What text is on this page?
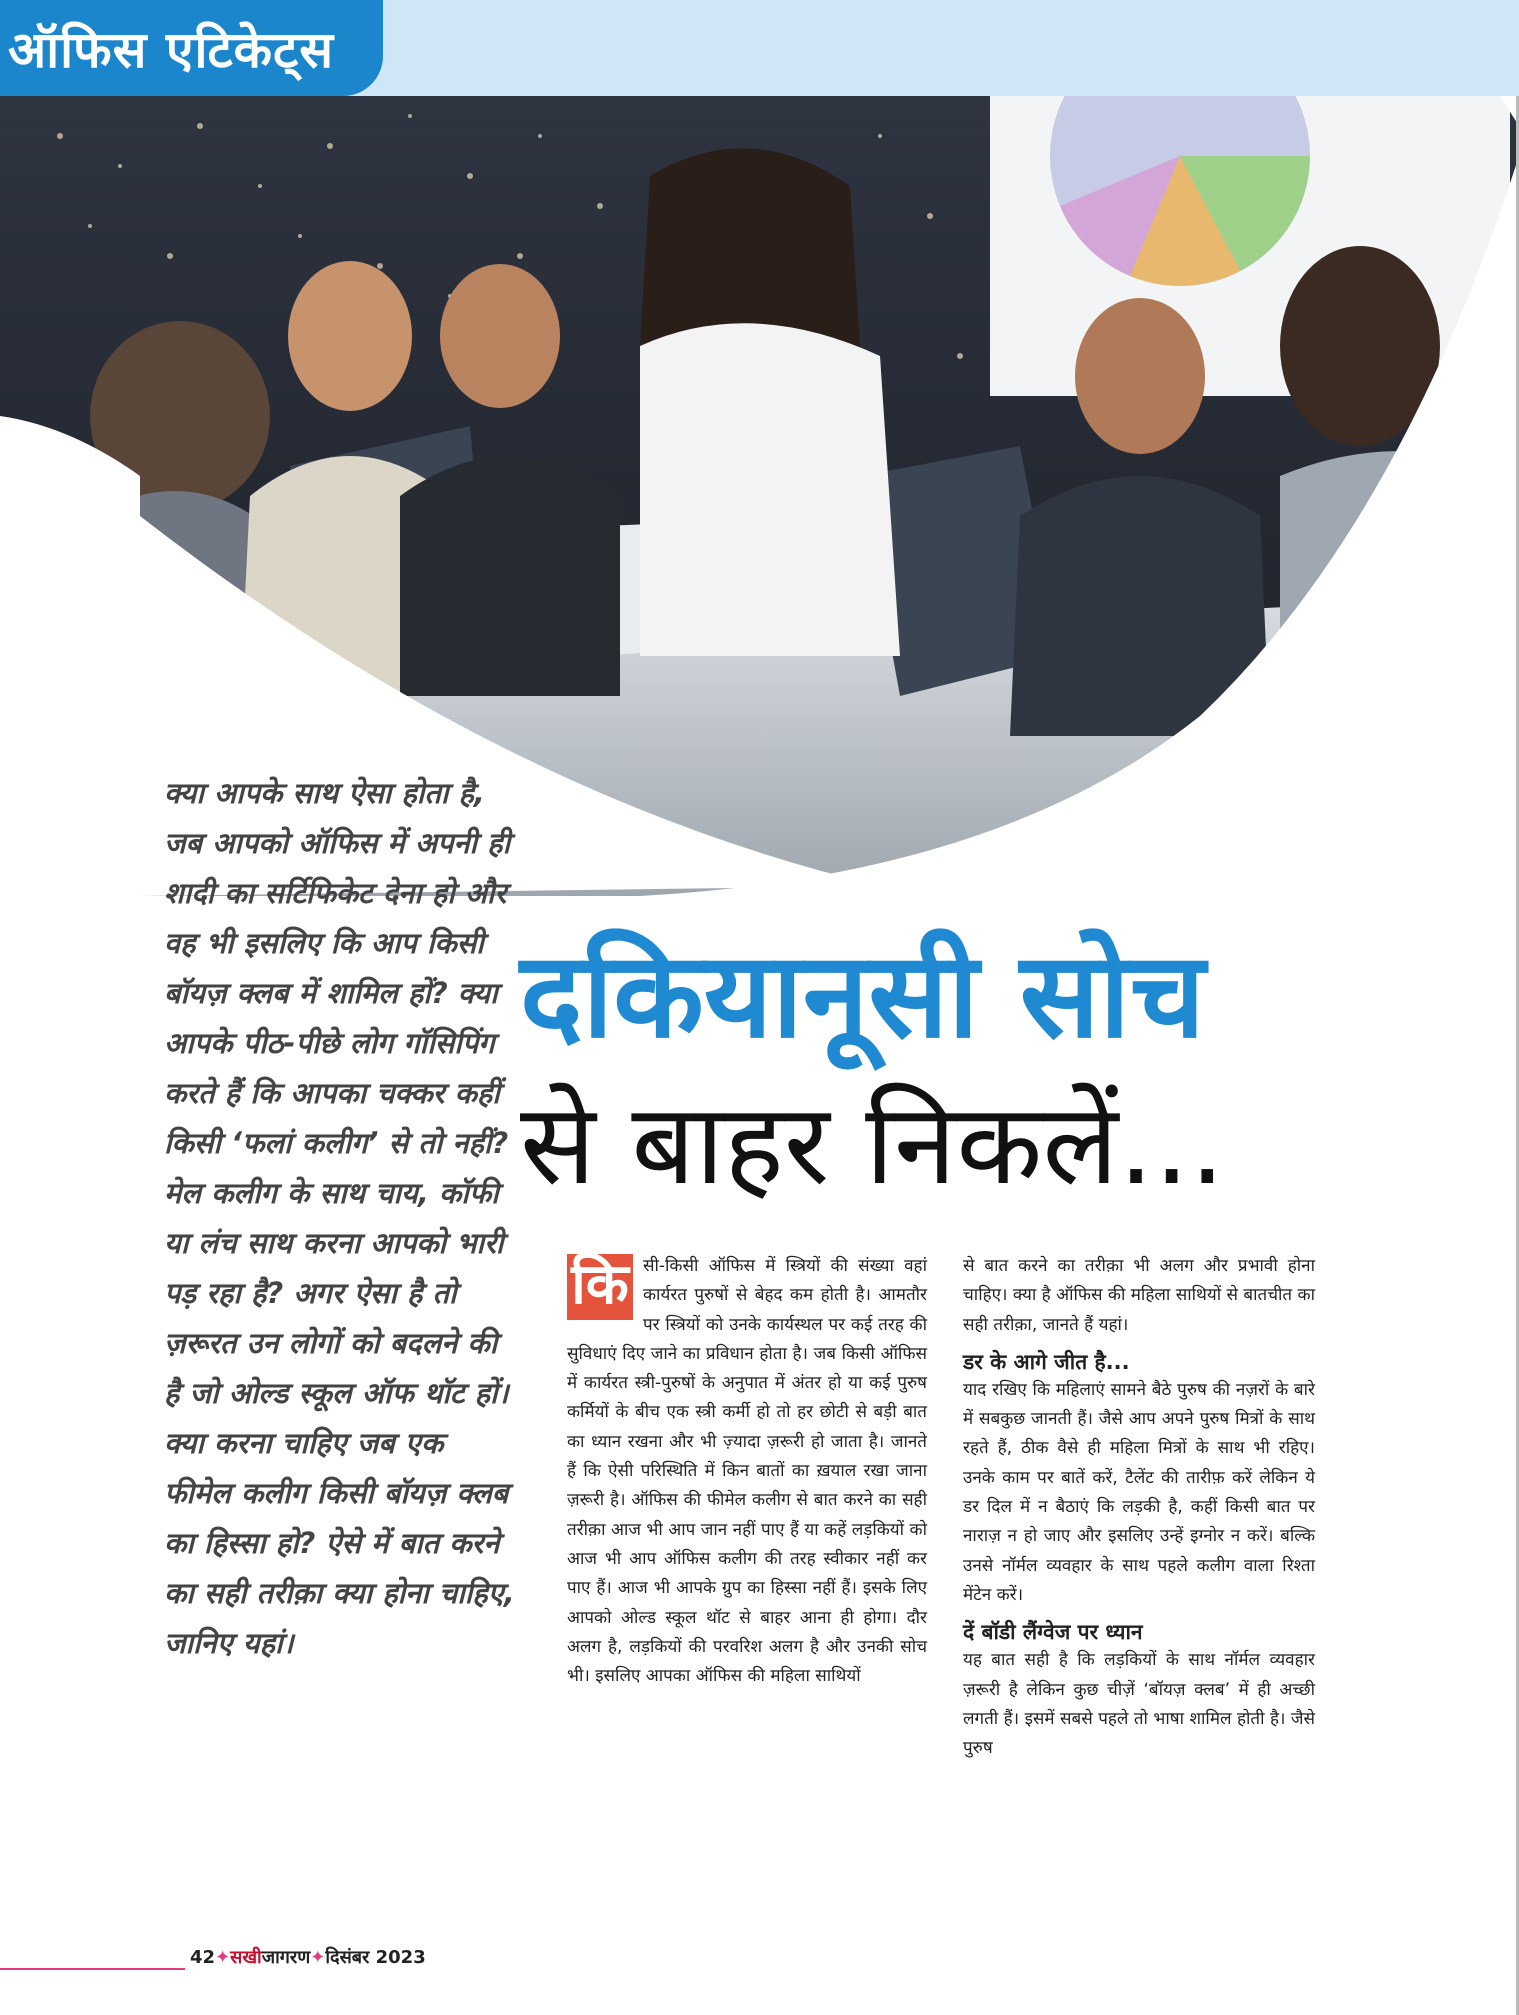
ऑफिस एटिकेट्स
क्या आपके साथ ऐसा होता है, जब आपको ऑफिस में अपनी ही शादी का सर्टिफिकेट देना हो और वह भी इसलिए कि आप किसी बॉयज़ क्लब में शामिल हों? क्या आपके पीठ-पीछे लोग गॉसिपिंग करते हैं कि आपका चक्कर कहीं किसी ‘फलां कलीग’ से तो नहीं? मेल कलीग के साथ चाय, कॉफी या लंच साथ करना आपको भारी पड़ रहा है? अगर ऐसा है तो ज़रूरत उन लोगों को बदलने की है जो ओल्ड स्कूल ऑफ थॉट हों। क्या करना चाहिए जब एक फीमेल कलीग किसी बॉयज़ क्लब का हिस्सा हो? ऐसे में बात करने का सही तरीक़ा क्या होना चाहिए, जानिए यहां।
दकियानूसी सोच
से बाहर निकलें...
कि सी-किसी ऑफिस में स्त्रियों की संख्या वहां कार्यरत पुरुषों से बेहद कम होती है। आमतौर पर स्त्रियों को उनके कार्यस्थल पर कई तरह की सुविधाएं दिए जाने का प्रविधान होता है। जब किसी ऑफिस में कार्यरत स्त्री-पुरुषों के अनुपात में अंतर हो या कई पुरुष कर्मियों के बीच एक स्त्री कर्मी हो तो हर छोटी से बड़ी बात का ध्यान रखना और भी ज़्यादा ज़रूरी हो जाता है। जानते हैं कि ऐसी परिस्थिति में किन बातों का ख़याल रखा जाना ज़रूरी है। ऑफिस की फीमेल कलीग से बात करने का सही तरीक़ा आज भी आप जान नहीं पाए हैं या कहें लड़कियों को आज भी आप ऑफिस कलीग की तरह स्वीकार नहीं कर पाए हैं। आज भी आपके ग्रुप का हिस्सा नहीं हैं। इसके लिए आपको ओल्ड स्कूल थॉट से बाहर आना ही होगा। दौर अलग है, लड़कियों की परवरिश अलग है और उनकी सोच भी। इसलिए आपका ऑफिस की महिला साथियों

से बात करने का तरीक़ा भी अलग और प्रभावी होना चाहिए। क्या है ऑफिस की महिला साथियों से बातचीत का सही तरीक़ा, जानते हैं यहां।

डर के आगे जीत है...

याद रखिए कि महिलाएं सामने बैठे पुरुष की नज़रों के बारे में सबकुछ जानती हैं। जैसे आप अपने पुरुष मित्रों के साथ रहते हैं, ठीक वैसे ही महिला मित्रों के साथ भी रहिए। उनके काम पर बातें करें, टैलेंट की तारीफ़ करें लेकिन ये डर दिल में न बैठाएं कि लड़की है, कहीं किसी बात पर नाराज़ न हो जाए और इसलिए उन्हें इग्नोर न करें। बल्कि उनसे नॉर्मल व्यवहार के साथ पहले कलीग वाला रिश्ता मेंटेन करें।

दें बॉडी लैंग्वेज पर ध्यान

यह बात सही है कि लड़कियों के साथ नॉर्मल व्यवहार ज़रूरी है लेकिन कुछ चीज़ें ‘बॉयज़ क्लब’ में ही अच्छी लगती हैं। इसमें सबसे पहले तो भाषा शामिल होती है। जैसे पुरुष

42✦सखीजागरण✦दिसंबर 2023
